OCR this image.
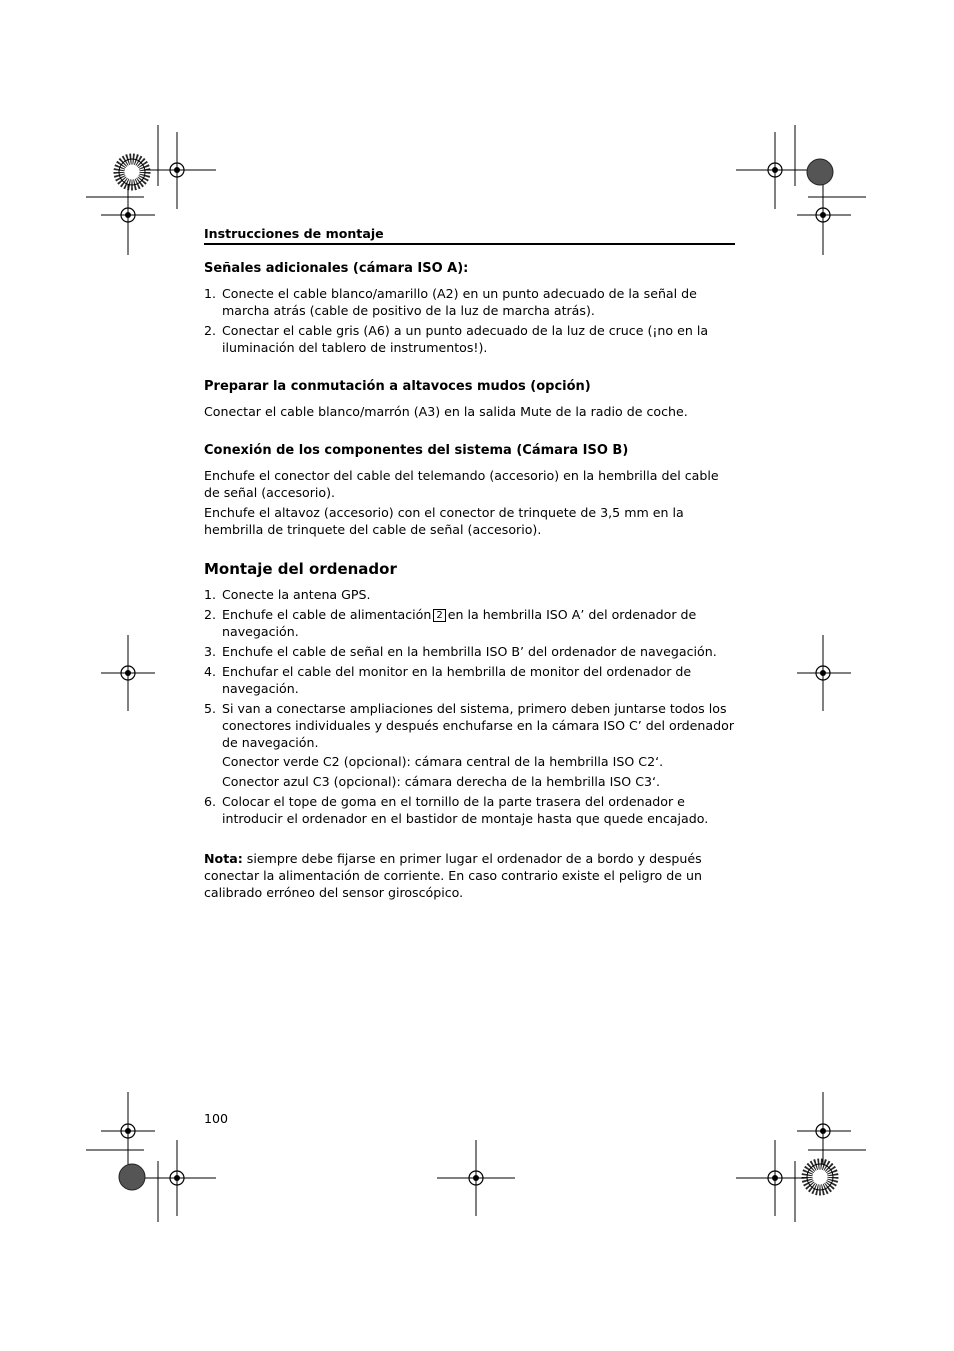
Instrucciones de montaje
Señales adicionales (cámara ISO A):
1. Conecte el cable blanco/amarillo (A2) en un punto adecuado de la señal de marcha atrás (cable de positivo de la luz de marcha atrás).
2. Conectar el cable gris (A6) a un punto adecuado de la luz de cruce (¡no en la iluminación del tablero de instrumentos!).
Preparar la conmutación a altavoces mudos (opción)
Conectar el cable blanco/marrón (A3) en la salida Mute de la radio de coche.
Conexión de los componentes del sistema (Cámara ISO B)
Enchufe el conector del cable del telemando (accesorio) en la hembrilla del cable de señal (accesorio).
Enchufe el altavoz (accesorio) con el conector de trinquete de 3,5 mm en la hembrilla de trinquete del cable de señal (accesorio).
Montaje del ordenador
1. Conecte la antena GPS.
2. Enchufe el cable de alimentación 2 en la hembrilla ISO A’ del ordenador de navegación.
3. Enchufe el cable de señal en la hembrilla ISO B’ del ordenador de navegación.
4. Enchufar el cable del monitor en la hembrilla de monitor del ordenador de navegación.
5. Si van a conectarse ampliaciones del sistema, primero deben juntarse todos los conectores individuales y después enchufarse en la cámara ISO C’ del ordenador de navegación.
Conector verde C2 (opcional): cámara central de la hembrilla ISO C2‘.
Conector azul C3 (opcional): cámara derecha de la hembrilla ISO C3‘.
6. Colocar el tope de goma en el tornillo de la parte trasera del ordenador e introducir el ordenador en el bastidor de montaje hasta que quede encajado.
Nota: siempre debe fijarse en primer lugar el ordenador de a bordo y después conectar la alimentación de corriente. En caso contrario existe el peligro de un calibrado erróneo del sensor giroscópico.
100
